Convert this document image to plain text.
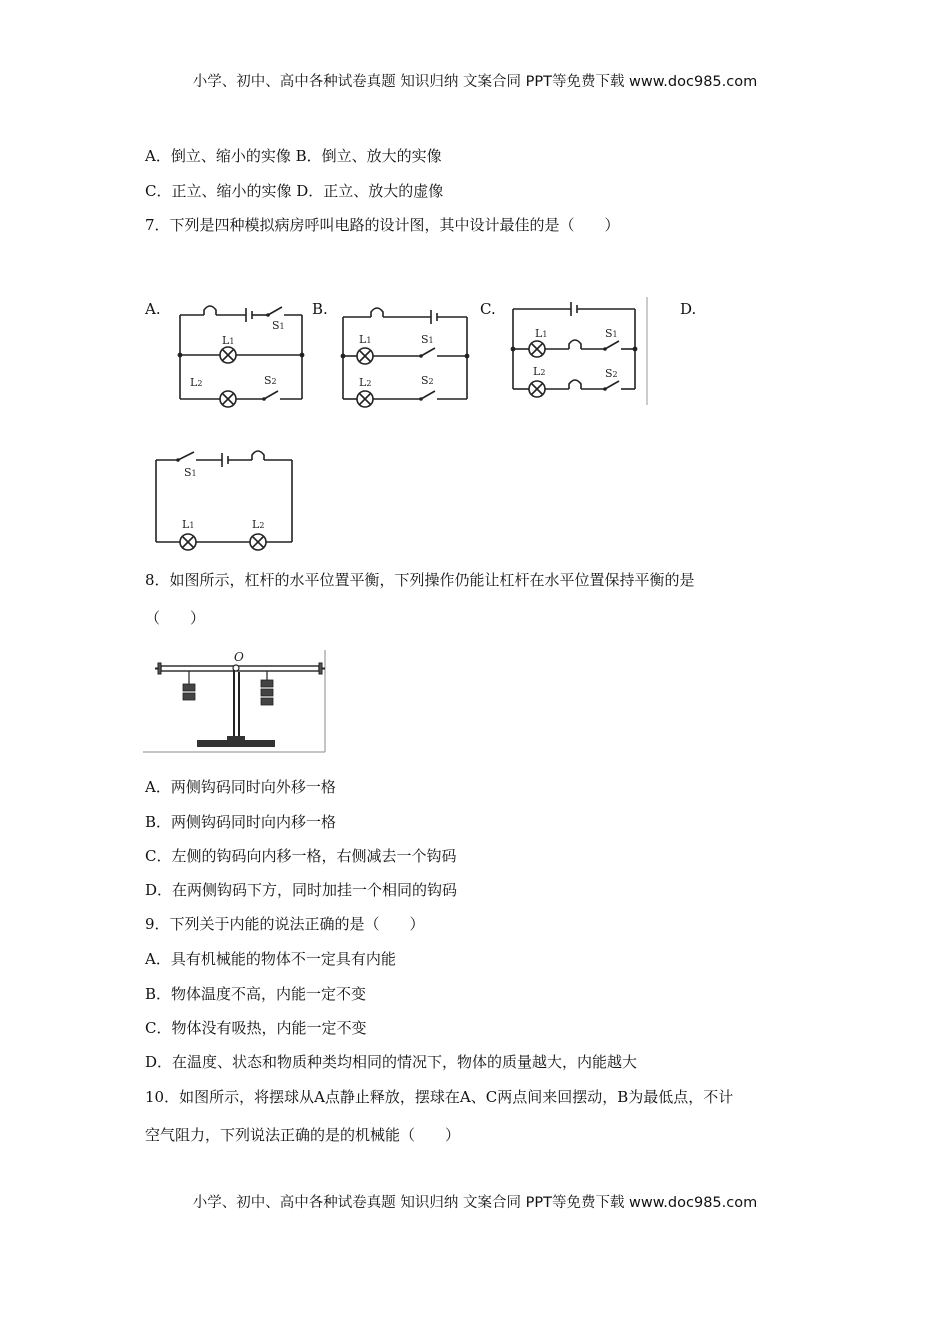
小学、初中、高中各种试卷真题 知识归纳 文案合同 PPT等免费下载 www.doc985.com
A．倒立、缩小的实像 B．倒立、放大的实像
C．正立、缩小的实像 D．正立、放大的虚像
7．下列是四种模拟病房呼叫电路的设计图，其中设计最佳的是（　　）
A.	B.	C.	D.
S1
L1
L2	S2
L1	S1
L2	S2
L1	S1
L2	S2
S1
L1	L2
8．如图所示，杠杆的水平位置平衡，下列操作仍能让杠杆在水平位置保持平衡的是
（　　）
O
A．两侧钩码同时向外移一格
B．两侧钩码同时向内移一格
C．左侧的钩码向内移一格，右侧减去一个钩码
D．在两侧钩码下方，同时加挂一个相同的钩码
9．下列关于内能的说法正确的是（　　）
A．具有机械能的物体不一定具有内能
B．物体温度不高，内能一定不变
C．物体没有吸热，内能一定不变
D．在温度、状态和物质种类均相同的情况下，物体的质量越大，内能越大
10．如图所示，将摆球从A点静止释放，摆球在A、C两点间来回摆动，B为最低点，不计
空气阻力，下列说法正确的是的机械能（　　）
小学、初中、高中各种试卷真题 知识归纳 文案合同 PPT等免费下载 www.doc985.com
